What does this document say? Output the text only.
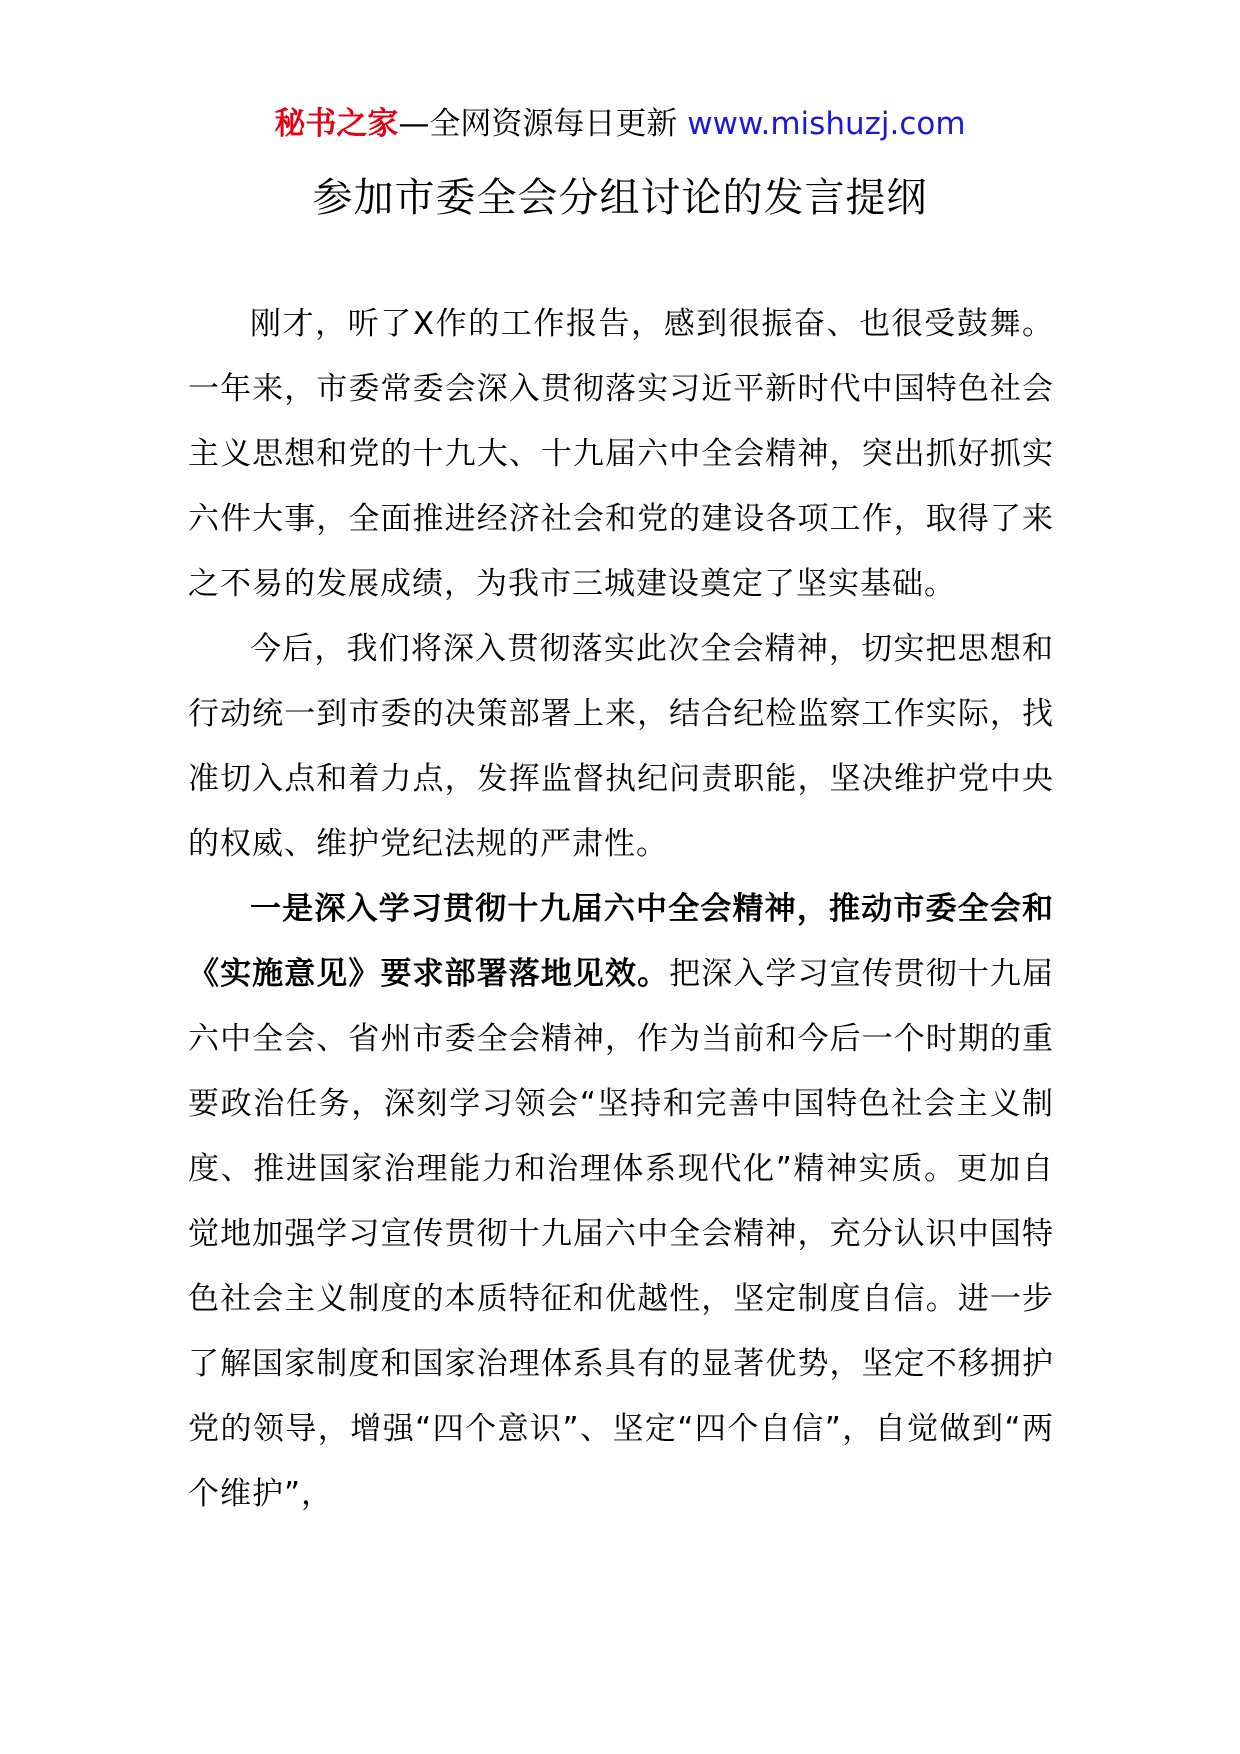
秘书之家—全网资源每日更新 www.mishuzj.com
参加市委全会分组讨论的发言提纲

刚才，听了X作的工作报告，感到很振奋、也很受鼓舞。一年来，市委常委会深入贯彻落实习近平新时代中国特色社会主义思想和党的十九大、十九届六中全会精神，突出抓好抓实六件大事，全面推进经济社会和党的建设各项工作，取得了来之不易的发展成绩，为我市三城建设奠定了坚实基础。

今后，我们将深入贯彻落实此次全会精神，切实把思想和行动统一到市委的决策部署上来，结合纪检监察工作实际，找准切入点和着力点，发挥监督执纪问责职能，坚决维护党中央的权威、维护党纪法规的严肃性。

一是深入学习贯彻十九届六中全会精神，推动市委全会和《实施意见》要求部署落地见效。把深入学习宣传贯彻十九届六中全会、省州市委全会精神，作为当前和今后一个时期的重要政治任务，深刻学习领会“坚持和完善中国特色社会主义制度、推进国家治理能力和治理体系现代化”精神实质。更加自觉地加强学习宣传贯彻十九届六中全会精神，充分认识中国特色社会主义制度的本质特征和优越性，坚定制度自信。进一步了解国家制度和国家治理体系具有的显著优势，坚定不移拥护党的领导，增强“四个意识”、坚定“四个自信”，自觉做到“两个维护”，
